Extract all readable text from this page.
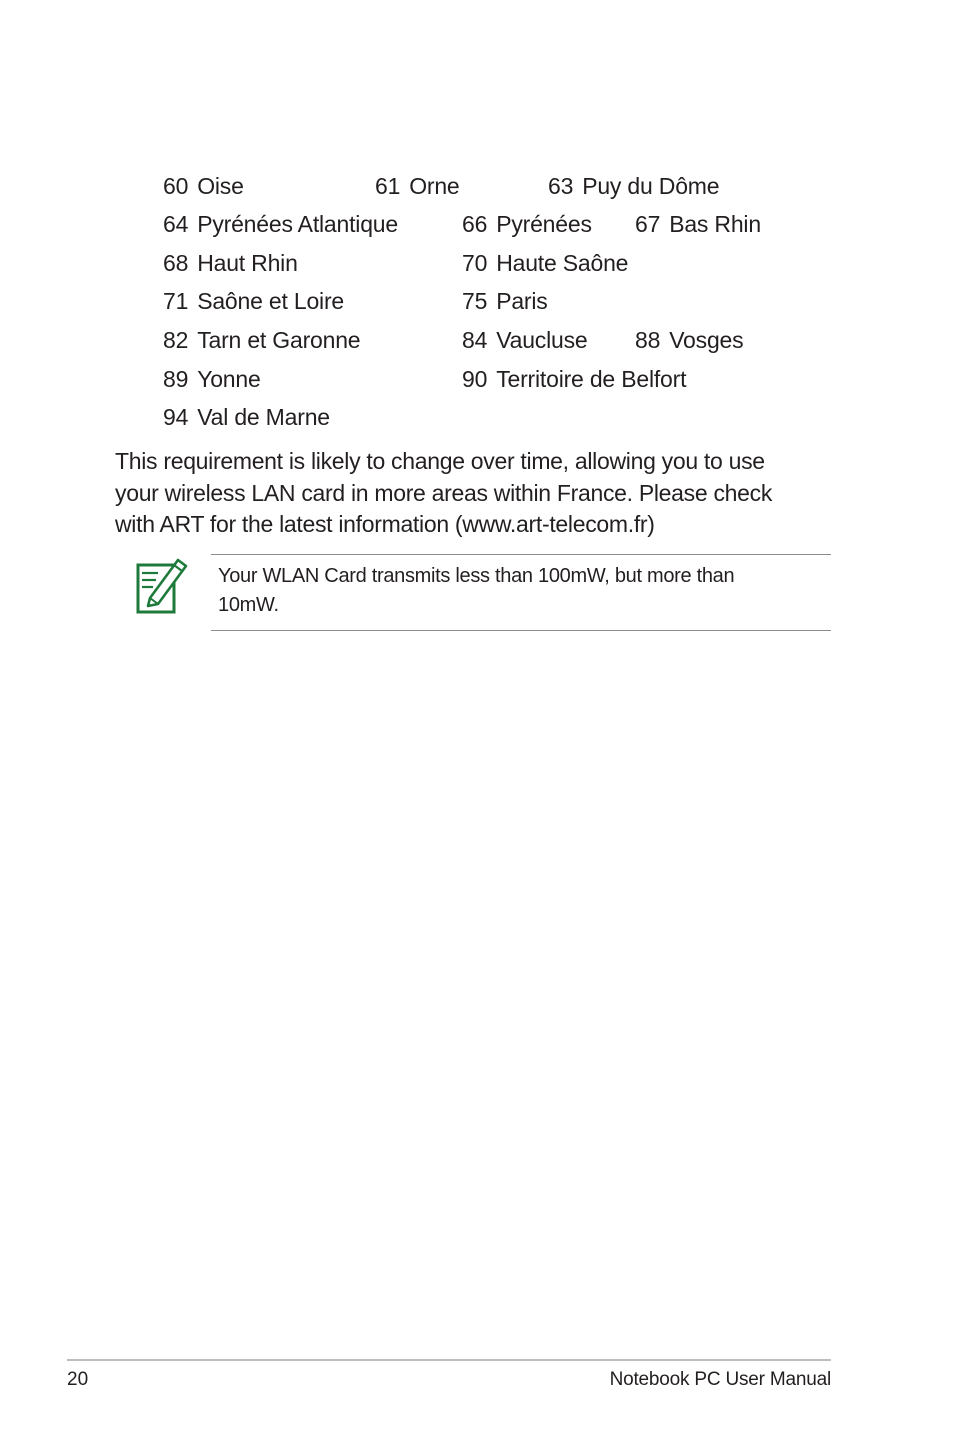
60 Oise	61 Orne	63 Puy du Dôme
64 Pyrénées Atlantique	66 Pyrénées 67 Bas Rhin
68 Haut Rhin	70 Haute Saône
71 Saône et Loire	75 Paris
82 Tarn et Garonne	84 Vaucluse 88 Vosges
89 Yonne	90 Territoire de Belfort
94 Val de Marne
This requirement is likely to change over time, allowing you to use
your wireless LAN card in more areas within France. Please check
with ART for the latest information (www.art-telecom.fr)
Your WLAN Card transmits less than 100mW, but more than
10mW.
20	Notebook PC User Manual
